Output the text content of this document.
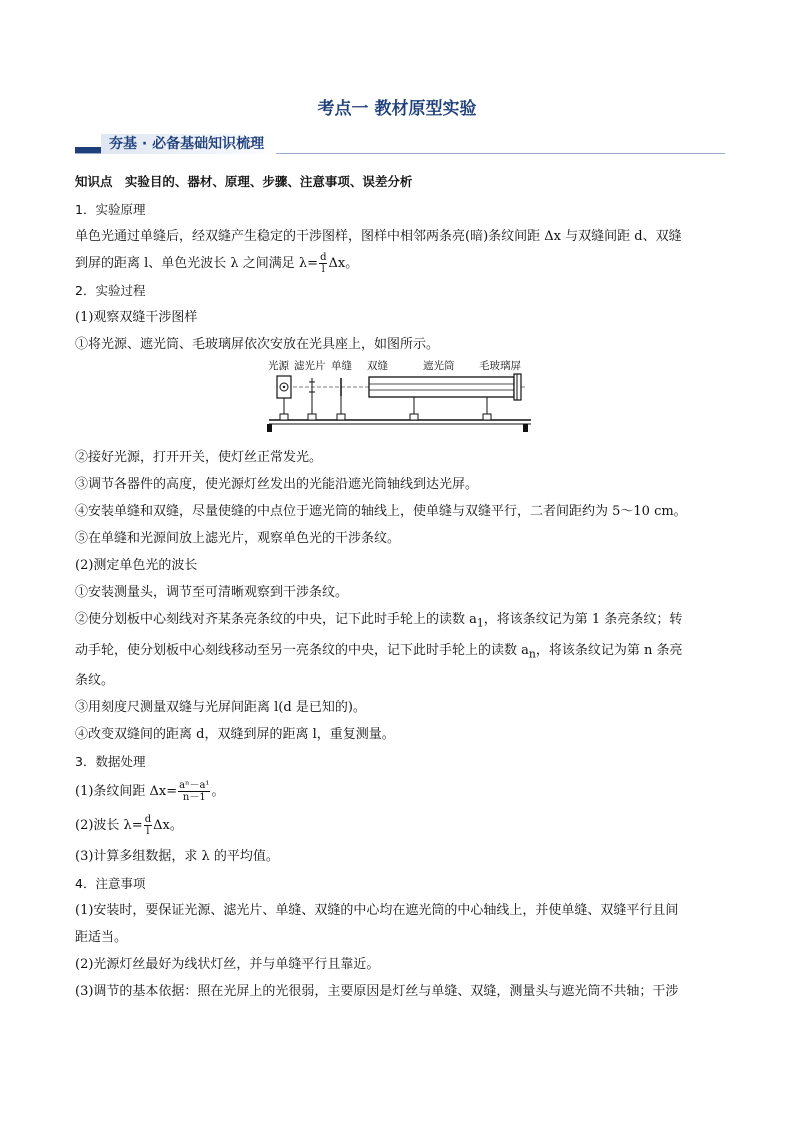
考点一 教材原型实验
夯基 · 必备基础知识梳理

知识点 实验目的、器材、原理、步骤、注意事项、误差分析

1．实验原理

单色光通过单缝后，经双缝产生稳定的干涉图样，图样中相邻两条亮(暗)条纹间距 Δx 与双缝间距 d、双缝

到屏的距离 l、单色光波长 λ 之间满足 $\lambda= \frac{d}{l}$ Δx。

2．实验过程

(1)观察双缝干涉图样

①将光源、遮光筒、毛玻璃屏依次安放在光具座上，如图所示。

光源 滤光片 单缝 双缝	遮光筒 毛玻璃屏

②接好光源，打开开关，使灯丝正常发光。

③调节各器件的高度，使光源灯丝发出的光能沿遮光筒轴线到达光屏。

④安装单缝和双缝，尽量使缝的中点位于遮光筒的轴线上，使单缝与双缝平行，二者间距约为 5～10 cm。

⑤在单缝和光源间放上滤光片，观察单色光的干涉条纹。

(2)测定单色光的波长

①安装测量头，调节至可清晰观察到干涉条纹。

②使分划板中心刻线对齐某条亮条纹的中央，记下此时手轮上的读数 $a_1$，将该条纹记为第 1 条亮条纹；转

动手轮，使分划板中心刻线移动至另一亮条纹的中央，记下此时手轮上的读数 $a_n$，将该条纹记为第 n 条亮

条纹。

③用刻度尺测量双缝与光屏间距离 l(d 是已知的)。

④改变双缝间的距离 d，双缝到屏的距离 l，重复测量。

3．数据处理

(1)条纹间距 $\Delta x= \frac{\text{aⁿ－a¹}}{n-1}$ 。

(2)波长 $\lambda= \frac{d}{l}$ Δx。

(3)计算多组数据，求 λ 的平均值。

4．注意事项

(1)安装时，要保证光源、滤光片、单缝、双缝的中心均在遮光筒的中心轴线上，并使单缝、双缝平行且间

距适当。

(2)光源灯丝最好为线状灯丝，并与单缝平行且靠近。

(3)调节的基本依据：照在光屏上的光很弱，主要原因是灯丝与单缝、双缝，测量头与遮光筒不共轴；干涉
